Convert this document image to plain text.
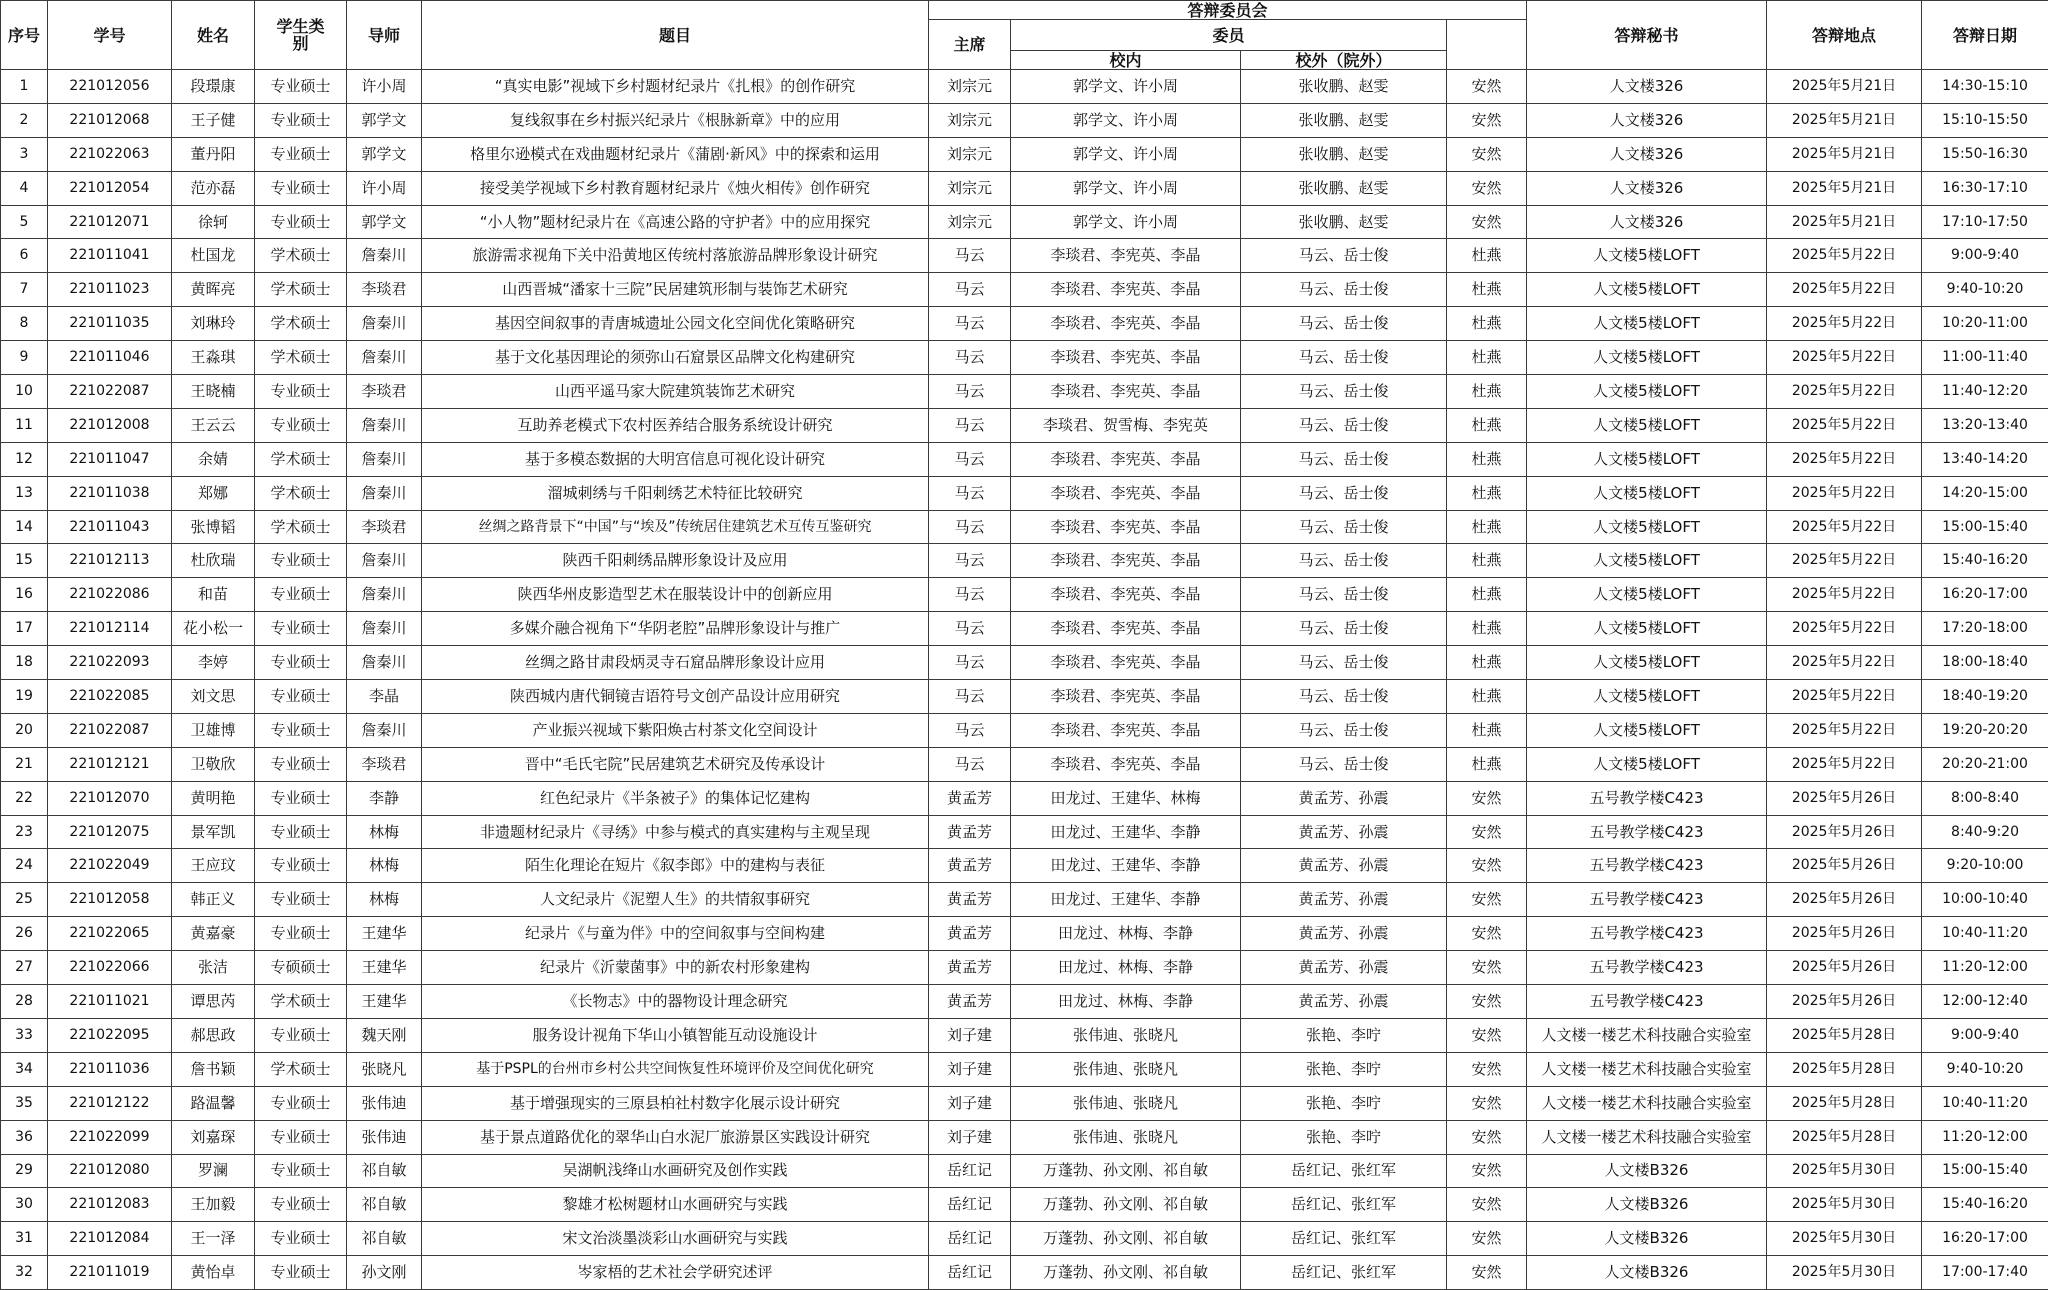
序号	学号	姓名	学生类别	导师	题目	答辩委员会				答辩秘书	答辩地点	答辩日期	
						主席	委员						
							校内	校外（院外）					
1	221012056	段璟康	专业硕士	许小周	“真实电影”视域下乡村题材纪录片《扎根》的创作研究	刘宗元	郭学文、许小周	张收鹏、赵雯	安然	人文楼326	2025年5月21日	14:30-15:10	
2	221012068	王子健	专业硕士	郭学文	复线叙事在乡村振兴纪录片《根脉新章》中的应用	刘宗元	郭学文、许小周	张收鹏、赵雯	安然	人文楼326	2025年5月21日	15:10-15:50	
3	221022063	董丹阳	专业硕士	郭学文	格里尔逊模式在戏曲题材纪录片《蒲剧·新风》中的探索和运用	刘宗元	郭学文、许小周	张收鹏、赵雯	安然	人文楼326	2025年5月21日	15:50-16:30	
4	221012054	范亦磊	专业硕士	许小周	接受美学视域下乡村教育题材纪录片《烛火相传》创作研究	刘宗元	郭学文、许小周	张收鹏、赵雯	安然	人文楼326	2025年5月21日	16:30-17:10	
5	221012071	徐轲	专业硕士	郭学文	“小人物”题材纪录片在《高速公路的守护者》中的应用探究	刘宗元	郭学文、许小周	张收鹏、赵雯	安然	人文楼326	2025年5月21日	17:10-17:50	
6	221011041	杜国龙	学术硕士	詹秦川	旅游需求视角下关中沿黄地区传统村落旅游品牌形象设计研究	马云	李琰君、李宪英、李晶	马云、岳士俊	杜燕	人文楼5楼LOFT	2025年5月22日	9:00-9:40	
7	221011023	黄晖亮	学术硕士	李琰君	山西晋城“潘家十三院”民居建筑形制与装饰艺术研究	马云	李琰君、李宪英、李晶	马云、岳士俊	杜燕	人文楼5楼LOFT	2025年5月22日	9:40-10:20	
8	221011035	刘琳玲	学术硕士	詹秦川	基因空间叙事的青唐城遗址公园文化空间优化策略研究	马云	李琰君、李宪英、李晶	马云、岳士俊	杜燕	人文楼5楼LOFT	2025年5月22日	10:20-11:00	
9	221011046	王淼琪	学术硕士	詹秦川	基于文化基因理论的须弥山石窟景区品牌文化构建研究	马云	李琰君、李宪英、李晶	马云、岳士俊	杜燕	人文楼5楼LOFT	2025年5月22日	11:00-11:40	
10	221022087	王晓楠	专业硕士	李琰君	山西平遥马家大院建筑装饰艺术研究	马云	李琰君、李宪英、李晶	马云、岳士俊	杜燕	人文楼5楼LOFT	2025年5月22日	11:40-12:20	
11	221012008	王云云	专业硕士	詹秦川	互助养老模式下农村医养结合服务系统设计研究	马云	李琰君、贺雪梅、李宪英	马云、岳士俊	杜燕	人文楼5楼LOFT	2025年5月22日	13:20-13:40	
12	221011047	余婧	学术硕士	詹秦川	基于多模态数据的大明宫信息可视化设计研究	马云	李琰君、李宪英、李晶	马云、岳士俊	杜燕	人文楼5楼LOFT	2025年5月22日	13:40-14:20	
13	221011038	郑娜	学术硕士	詹秦川	溜城刺绣与千阳刺绣艺术特征比较研究	马云	李琰君、李宪英、李晶	马云、岳士俊	杜燕	人文楼5楼LOFT	2025年5月22日	14:20-15:00	
14	221011043	张博韬	学术硕士	李琰君	丝绸之路背景下“中国”与“埃及”传统居住建筑艺术互传互鉴研究	马云	李琰君、李宪英、李晶	马云、岳士俊	杜燕	人文楼5楼LOFT	2025年5月22日	15:00-15:40	
15	221012113	杜欣瑞	专业硕士	詹秦川	陕西千阳刺绣品牌形象设计及应用	马云	李琰君、李宪英、李晶	马云、岳士俊	杜燕	人文楼5楼LOFT	2025年5月22日	15:40-16:20	
16	221022086	和苗	专业硕士	詹秦川	陕西华州皮影造型艺术在服装设计中的创新应用	马云	李琰君、李宪英、李晶	马云、岳士俊	杜燕	人文楼5楼LOFT	2025年5月22日	16:20-17:00	
17	221012114	花小松一	专业硕士	詹秦川	多媒介融合视角下“华阴老腔”品牌形象设计与推广	马云	李琰君、李宪英、李晶	马云、岳士俊	杜燕	人文楼5楼LOFT	2025年5月22日	17:20-18:00	
18	221022093	李婷	专业硕士	詹秦川	丝绸之路甘肃段炳灵寺石窟品牌形象设计应用	马云	李琰君、李宪英、李晶	马云、岳士俊	杜燕	人文楼5楼LOFT	2025年5月22日	18:00-18:40	
19	221022085	刘文思	专业硕士	李晶	陕西城内唐代铜镜吉语符号文创产品设计应用研究	马云	李琰君、李宪英、李晶	马云、岳士俊	杜燕	人文楼5楼LOFT	2025年5月22日	18:40-19:20	
20	221022087	卫雄博	专业硕士	詹秦川	产业振兴视域下紫阳焕古村茶文化空间设计	马云	李琰君、李宪英、李晶	马云、岳士俊	杜燕	人文楼5楼LOFT	2025年5月22日	19:20-20:20	
21	221012121	卫敬欣	专业硕士	李琰君	晋中“毛氏宅院”民居建筑艺术研究及传承设计	马云	李琰君、李宪英、李晶	马云、岳士俊	杜燕	人文楼5楼LOFT	2025年5月22日	20:20-21:00	
22	221012070	黄明艳	专业硕士	李静	红色纪录片《半条被子》的集体记忆建构	黄孟芳	田龙过、王建华、林梅	黄孟芳、孙震	安然	五号教学楼C423	2025年5月26日	8:00-8:40	
23	221012075	景军凯	专业硕士	林梅	非遗题材纪录片《寻绣》中参与模式的真实建构与主观呈现	黄孟芳	田龙过、王建华、李静	黄孟芳、孙震	安然	五号教学楼C423	2025年5月26日	8:40-9:20	
24	221022049	王应玟	专业硕士	林梅	陌生化理论在短片《叙李郎》中的建构与表征	黄孟芳	田龙过、王建华、李静	黄孟芳、孙震	安然	五号教学楼C423	2025年5月26日	9:20-10:00	
25	221012058	韩正义	专业硕士	林梅	人文纪录片《泥塑人生》的共情叙事研究	黄孟芳	田龙过、王建华、李静	黄孟芳、孙震	安然	五号教学楼C423	2025年5月26日	10:00-10:40	
26	221022065	黄嘉豪	专业硕士	王建华	纪录片《与童为伴》中的空间叙事与空间构建	黄孟芳	田龙过、林梅、李静	黄孟芳、孙震	安然	五号教学楼C423	2025年5月26日	10:40-11:20	
27	221022066	张洁	专硕硕士	王建华	纪录片《沂蒙菌事》中的新农村形象建构	黄孟芳	田龙过、林梅、李静	黄孟芳、孙震	安然	五号教学楼C423	2025年5月26日	11:20-12:00	
28	221011021	谭思芮	学术硕士	王建华	《长物志》中的器物设计理念研究	黄孟芳	田龙过、林梅、李静	黄孟芳、孙震	安然	五号教学楼C423	2025年5月26日	12:00-12:40	
33	221022095	郝思政	专业硕士	魏天刚	服务设计视角下华山小镇智能互动设施设计	刘子建	张伟迪、张晓凡	张艳、李咛	安然	人文楼一楼艺术科技融合实验室	2025年5月28日	9:00-9:40	
34	221011036	詹书颖	学术硕士	张晓凡	基于PSPL的台州市乡村公共空间恢复性环境评价及空间优化研究	刘子建	张伟迪、张晓凡	张艳、李咛	安然	人文楼一楼艺术科技融合实验室	2025年5月28日	9:40-10:20	
35	221012122	路温馨	专业硕士	张伟迪	基于增强现实的三原县柏社村数字化展示设计研究	刘子建	张伟迪、张晓凡	张艳、李咛	安然	人文楼一楼艺术科技融合实验室	2025年5月28日	10:40-11:20	
36	221022099	刘嘉琛	专业硕士	张伟迪	基于景点道路优化的翠华山白水泥厂旅游景区实践设计研究	刘子建	张伟迪、张晓凡	张艳、李咛	安然	人文楼一楼艺术科技融合实验室	2025年5月28日	11:20-12:00	
29	221012080	罗澜	专业硕士	祁自敏	吴湖帆浅绛山水画研究及创作实践	岳红记	万蓬勃、孙文刚、祁自敏	岳红记、张红军	安然	人文楼B326	2025年5月30日	15:00-15:40	
30	221012083	王加毅	专业硕士	祁自敏	黎雄才松树题材山水画研究与实践	岳红记	万蓬勃、孙文刚、祁自敏	岳红记、张红军	安然	人文楼B326	2025年5月30日	15:40-16:20	
31	221012084	王一泽	专业硕士	祁自敏	宋文治淡墨淡彩山水画研究与实践	岳红记	万蓬勃、孙文刚、祁自敏	岳红记、张红军	安然	人文楼B326	2025年5月30日	16:20-17:00	
32	221011019	黄怡卓	专业硕士	孙文刚	岑家梧的艺术社会学研究述评	岳红记	万蓬勃、孙文刚、祁自敏	岳红记、张红军	安然	人文楼B326	2025年5月30日	17:00-17:40	
